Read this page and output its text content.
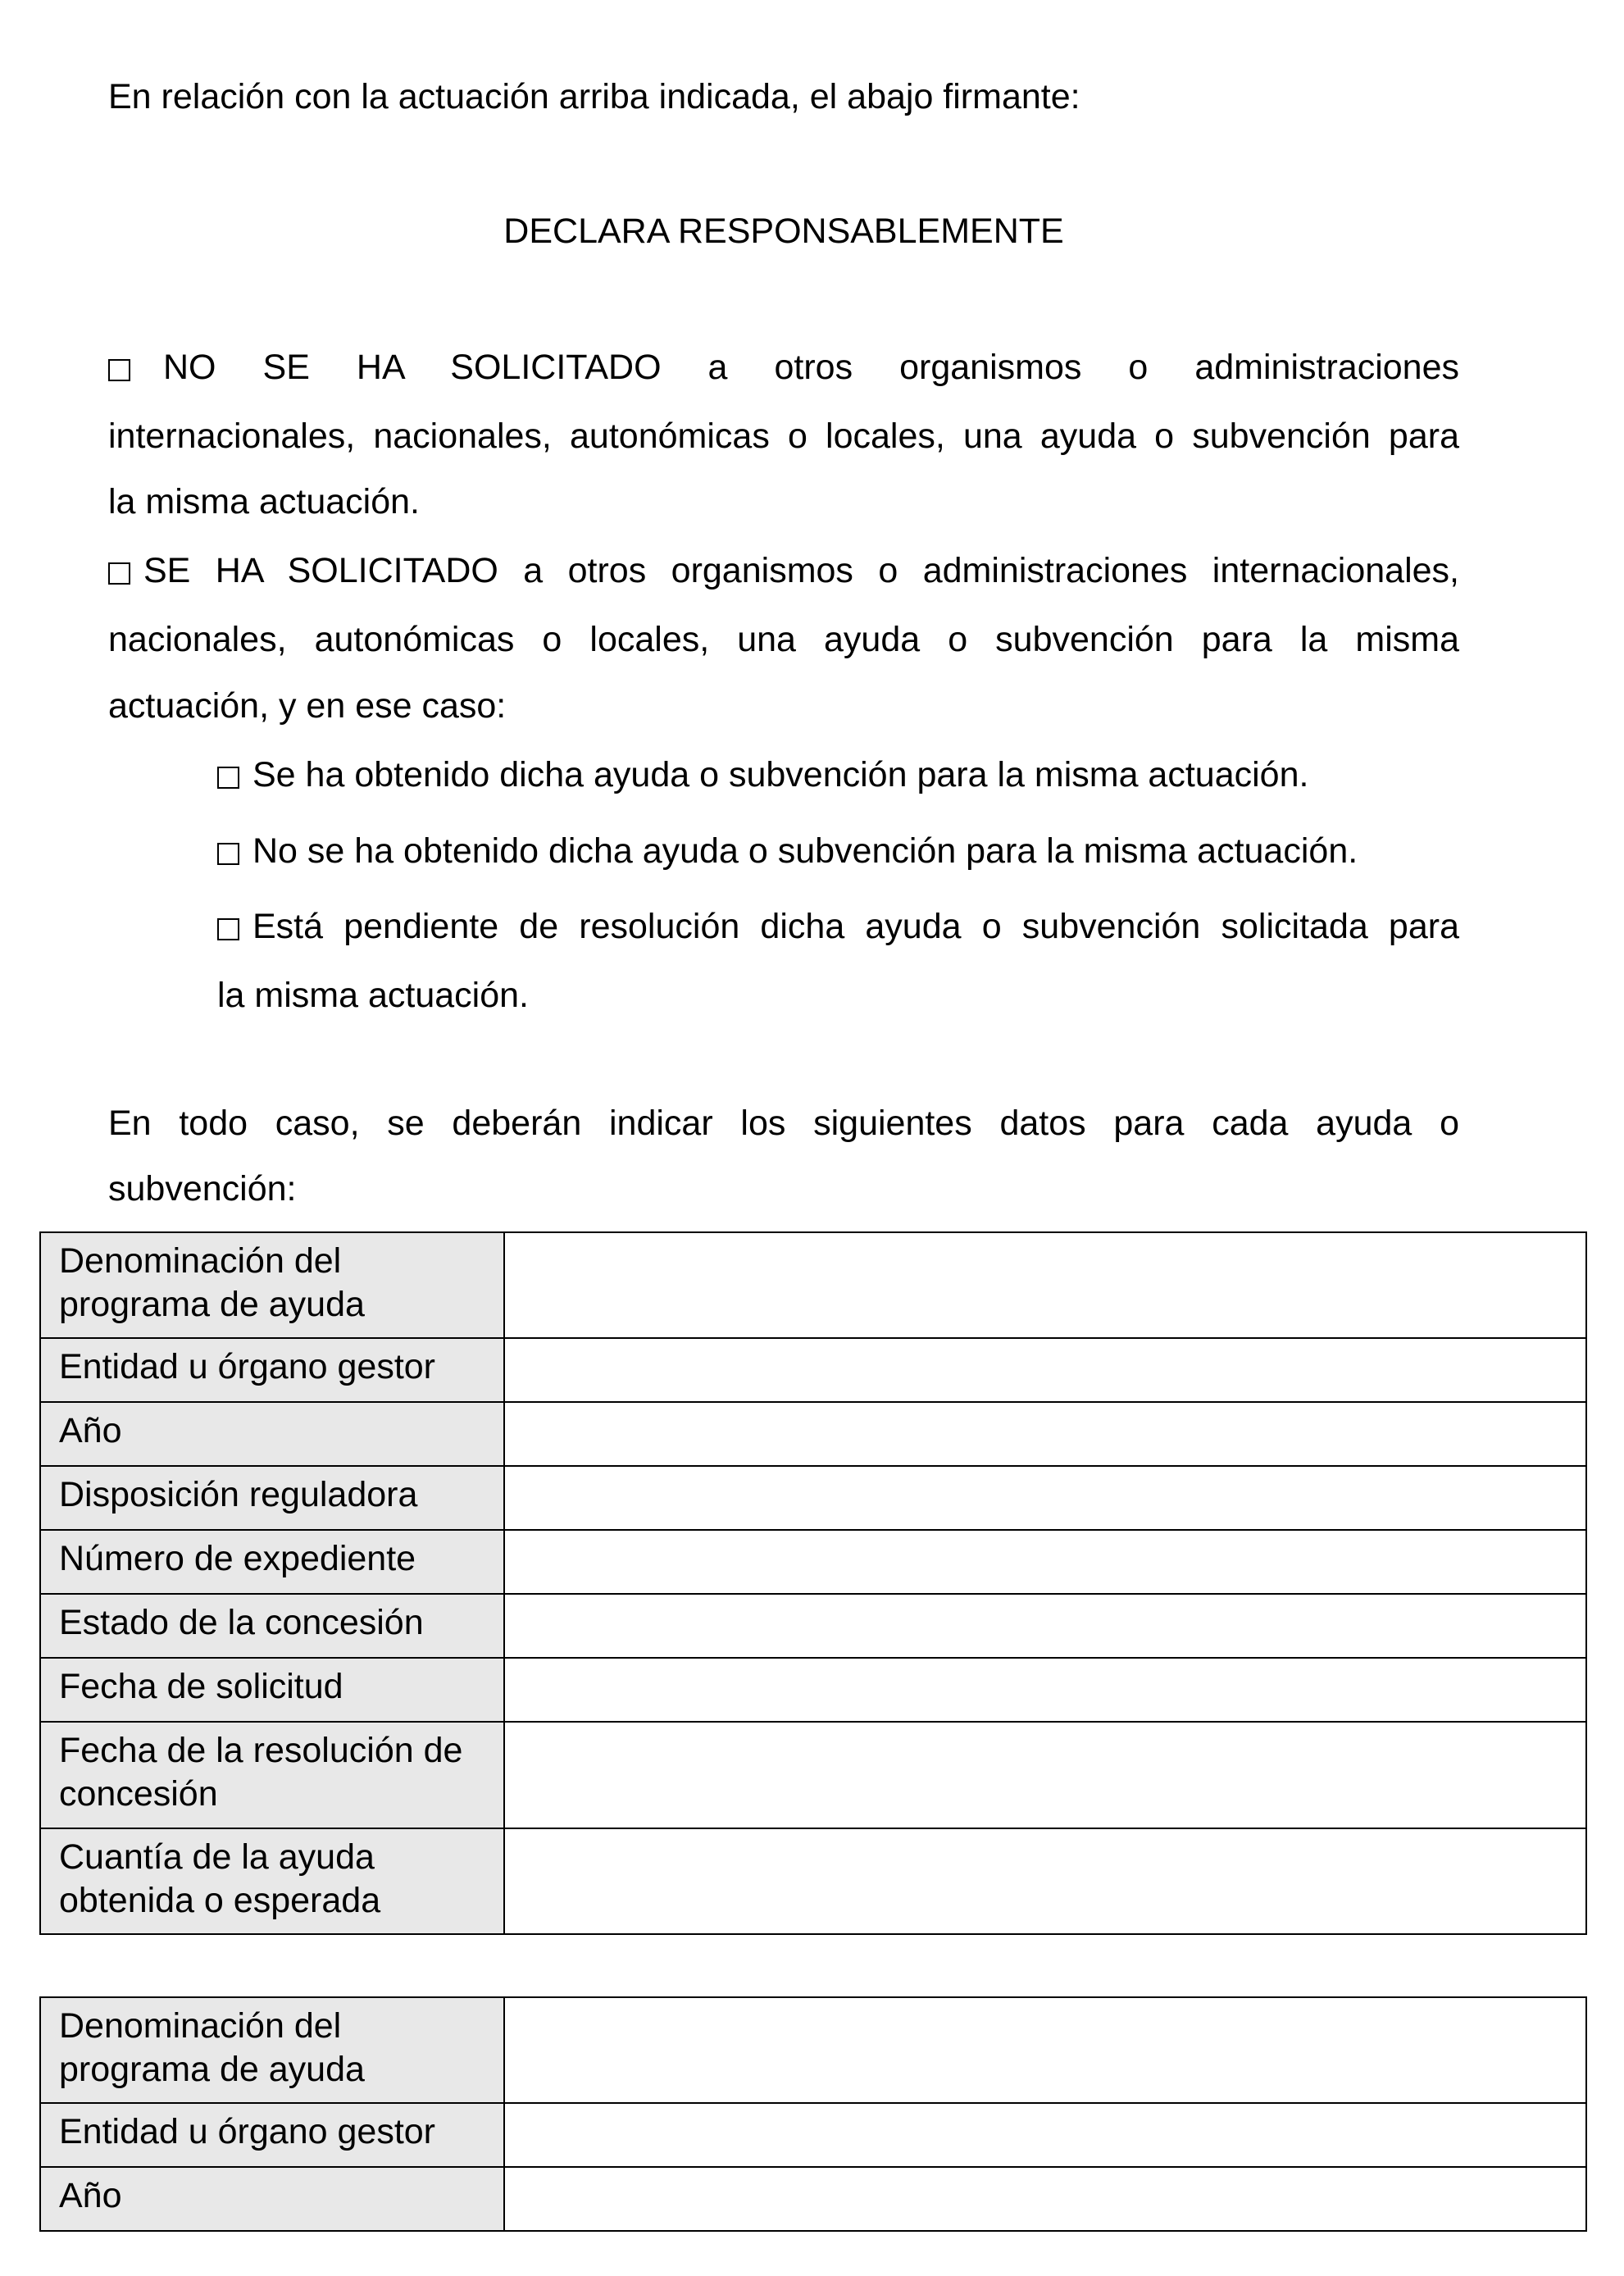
En relación con la actuación arriba indicada, el abajo firmante:
DECLARA RESPONSABLEMENTE
NO SE HA SOLICITADO a otros organismos o administraciones
internacionales, nacionales, autonómicas o locales, una ayuda o subvención para
la misma actuación.
SE HA SOLICITADO a otros organismos o administraciones internacionales,
nacionales, autonómicas o locales, una ayuda o subvención para la misma
actuación, y en ese caso:
Se ha obtenido dicha ayuda o subvención para la misma actuación.
No se ha obtenido dicha ayuda o subvención para la misma actuación.
Está pendiente de resolución dicha ayuda o subvención solicitada para
la misma actuación.
En todo caso, se deberán indicar los siguientes datos para cada ayuda o
subvención:
Denominación del
programa de ayuda	

Entidad u órgano gestor	

Año	

Disposición reguladora	

Número de expediente	

Estado de la concesión	

Fecha de solicitud	

Fecha de la resolución de
concesión	

Cuantía de la ayuda
obtenida o esperada	

Denominación del
programa de ayuda	

Entidad u órgano gestor	

Año	
